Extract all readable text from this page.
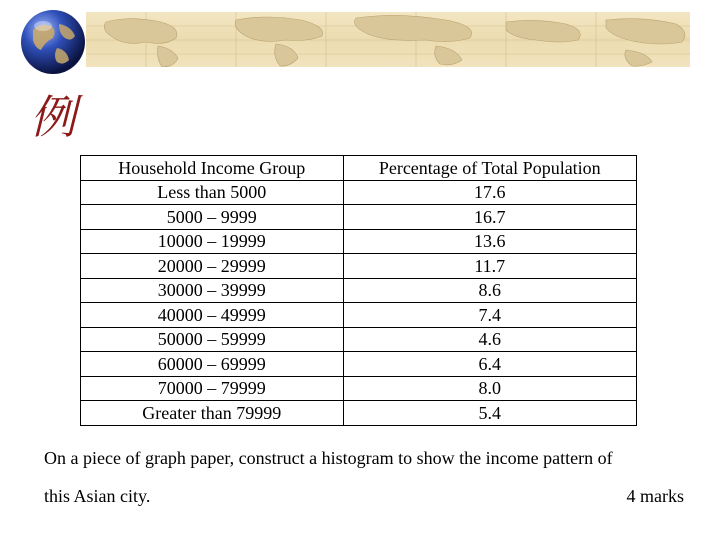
例
Household Income Group	Percentage of Total Population
Less than 5000	17.6
5000 – 9999	16.7
10000 – 19999	13.6
20000 – 29999	11.7
30000 – 39999	8.6
40000 – 49999	7.4
50000 – 59999	4.6
60000 – 69999	6.4
70000 – 79999	8.0
Greater than 79999	5.4
On a piece of graph paper, construct a histogram to show the income pattern of
this Asian city.	4 marks
